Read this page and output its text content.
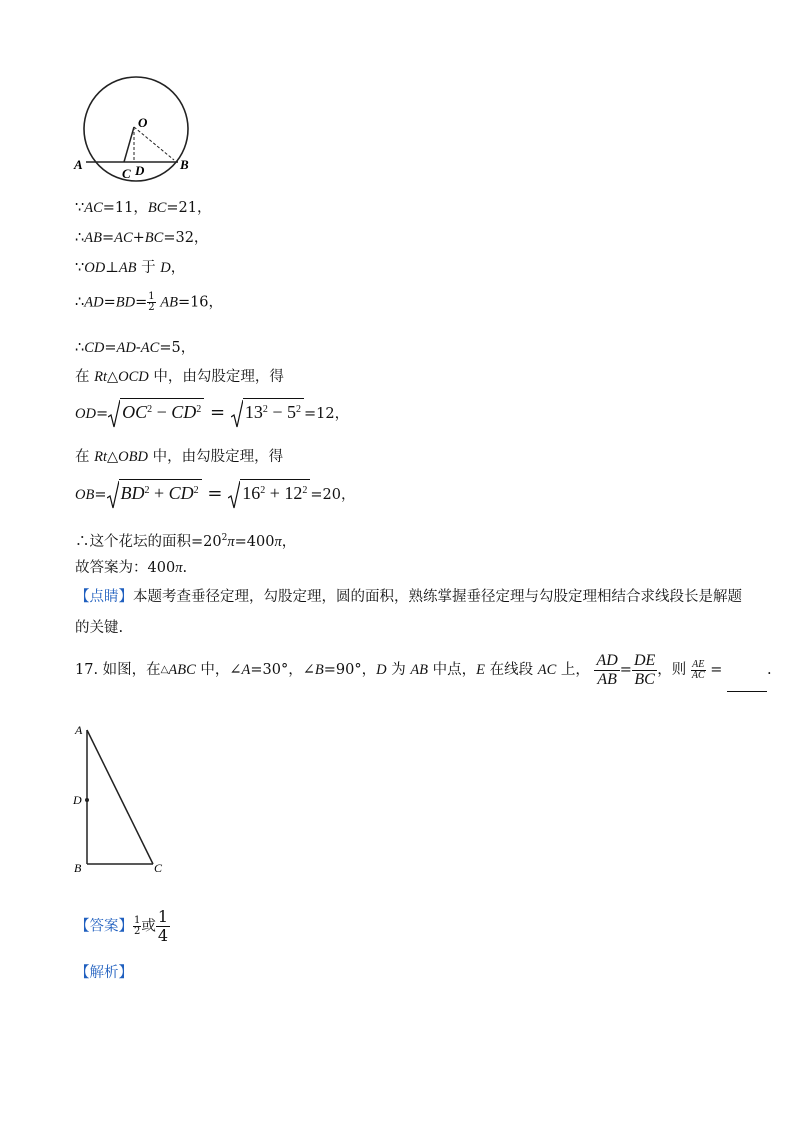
O
A	B
C D
∵AC=11，BC=21，
∴AB=AC+BC=32，
∵OD⊥AB 于 D，
∴AD=BD= $\frac{1}{2} AB=16$，
∴CD=AD-AC=5，
在 Rt△OCD 中，由勾股定理，得
$OD= OC^2 - CD^2 = 13^2 - 5^2 =12$，
在 Rt△OBD 中，由勾股定理，得
$OB= BD^2 + CD^2 = 16^2 + 12^2 =20$，
∴这个花坛的面积$=20^2\pi=400\pi$，
故答案为：400π.
【点睛】本题考查垂径定理，勾股定理，圆的面积，熟练掌握垂径定理与勾股定理相结合求线段长是解题
的关键.
17. 如图，在△ABC 中，∠A=30°，∠B=90°，D 为 AB 中点，E 在线段 AC 上， $\frac{AD}{AB} = \frac{DE}{BC}$ ，则 $\frac{AE}{AC}$ =	.
A
D
B	C
【答案】 $\frac{1}{2}$ 或 $\frac{1}{4}$
【解析】
